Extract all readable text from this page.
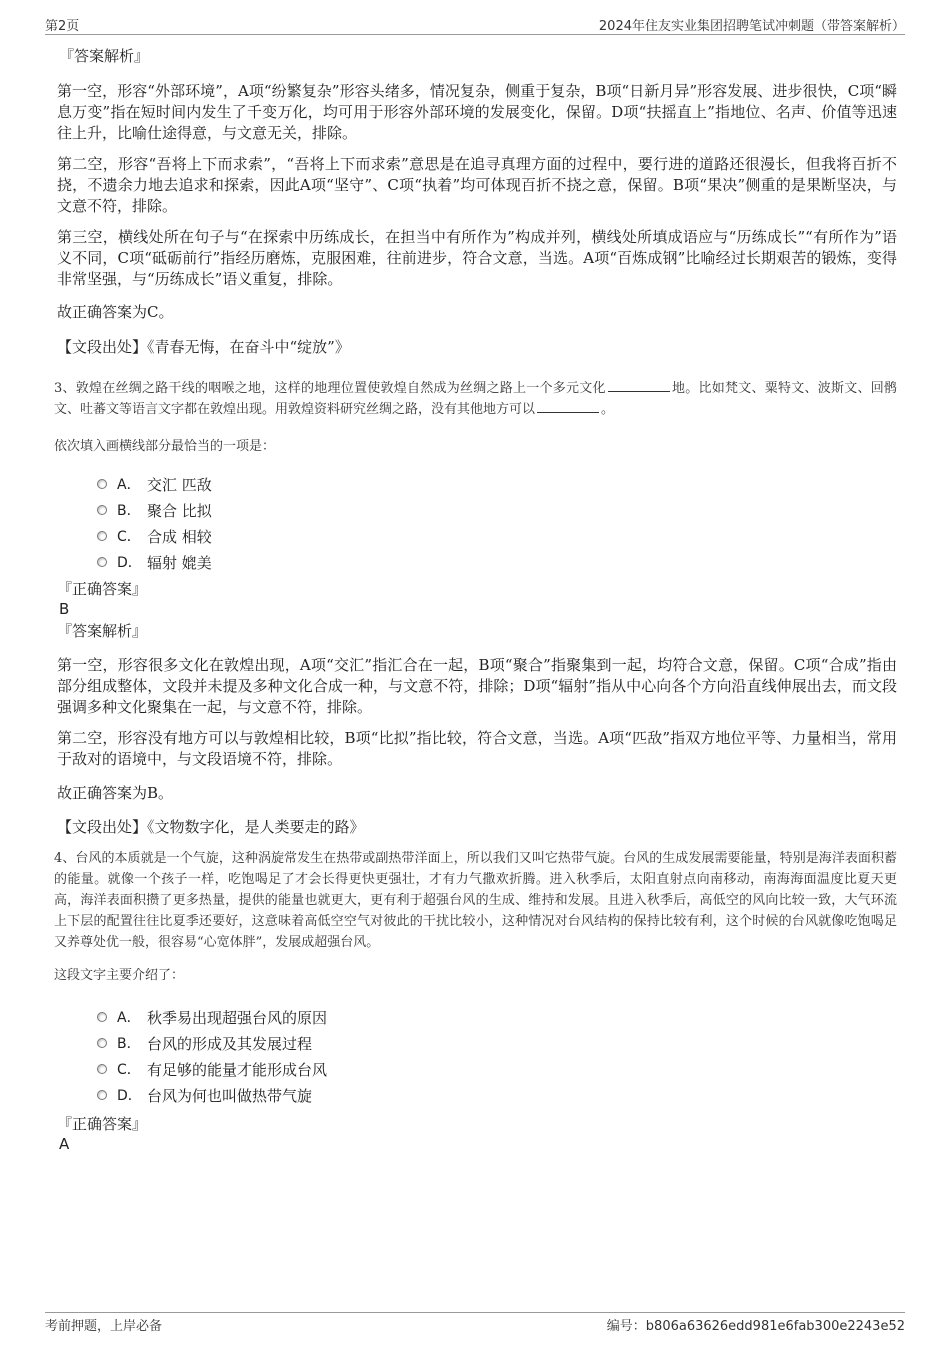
第2页	2024年住友实业集团招聘笔试冲刺题（带答案解析）

『答案解析』

第一空，形容“外部环境”，A项“纷繁复杂”形容头绪多，情况复杂，侧重于复杂，B项“日新月异”形容发展、进步很快，C项“瞬息万变”指在短时间内发生了千变万化，均可用于形容外部环境的发展变化，保留。D项“扶摇直上”指地位、名声、价值等迅速往上升，比喻仕途得意，与文意无关，排除。

第二空，形容“吾将上下而求索”，“吾将上下而求索”意思是在追寻真理方面的过程中，要行进的道路还很漫长，但我将百折不挠，不遗余力地去追求和探索，因此A项“坚守”、C项“执着”均可体现百折不挠之意，保留。B项“果决”侧重的是果断坚决，与文意不符，排除。

第三空，横线处所在句子与“在探索中历练成长，在担当中有所作为”构成并列，横线处所填成语应与“历练成长”“有所作为”语义不同，C项“砥砺前行”指经历磨炼，克服困难，往前进步，符合文意，当选。A项“百炼成钢”比喻经过长期艰苦的锻炼，变得非常坚强，与“历练成长”语义重复，排除。

故正确答案为C。

【文段出处】《青春无悔，在奋斗中“绽放”》

3、敦煌在丝绸之路干线的咽喉之地，这样的地理位置使敦煌自然成为丝绸之路上一个多元文化	地。比如梵文、粟特文、波斯文、回鹘文、吐蕃文等语言文字都在敦煌出现。用敦煌资料研究丝绸之路，没有其他地方可以	。

依次填入画横线部分最恰当的一项是：

A． 交汇 匹敌
B． 聚合 比拟
C． 合成 相较
D． 辐射 媲美

『正确答案』

B

『答案解析』

第一空，形容很多文化在敦煌出现，A项“交汇”指汇合在一起，B项“聚合”指聚集到一起，均符合文意，保留。C项“合成”指由部分组成整体，文段并未提及多种文化合成一种，与文意不符，排除；D项“辐射”指从中心向各个方向沿直线伸展出去，而文段强调多种文化聚集在一起，与文意不符，排除。

第二空，形容没有地方可以与敦煌相比较，B项“比拟”指比较，符合文意，当选。A项“匹敌”指双方地位平等、力量相当，常用于敌对的语境中，与文段语境不符，排除。

故正确答案为B。

【文段出处】《文物数字化，是人类要走的路》

4、台风的本质就是一个气旋，这种涡旋常发生在热带或副热带洋面上，所以我们又叫它热带气旋。台风的生成发展需要能量，特别是海洋表面积蓄的能量。就像一个孩子一样，吃饱喝足了才会长得更快更强壮，才有力气撒欢折腾。进入秋季后，太阳直射点向南移动，南海海面温度比夏天更高，海洋表面积攒了更多热量，提供的能量也就更大，更有利于超强台风的生成、维持和发展。且进入秋季后，高低空的风向比较一致，大气环流上下层的配置往往比夏季还要好，这意味着高低空空气对彼此的干扰比较小，这种情况对台风结构的保持比较有利，这个时候的台风就像吃饱喝足又养尊处优一般，很容易“心宽体胖”，发展成超强台风。

这段文字主要介绍了：

A． 秋季易出现超强台风的原因
B． 台风的形成及其发展过程
C． 有足够的能量才能形成台风
D． 台风为何也叫做热带气旋

『正确答案』

A

考前押题，上岸必备	编号：b806a63626edd981e6fab300e2243e52
